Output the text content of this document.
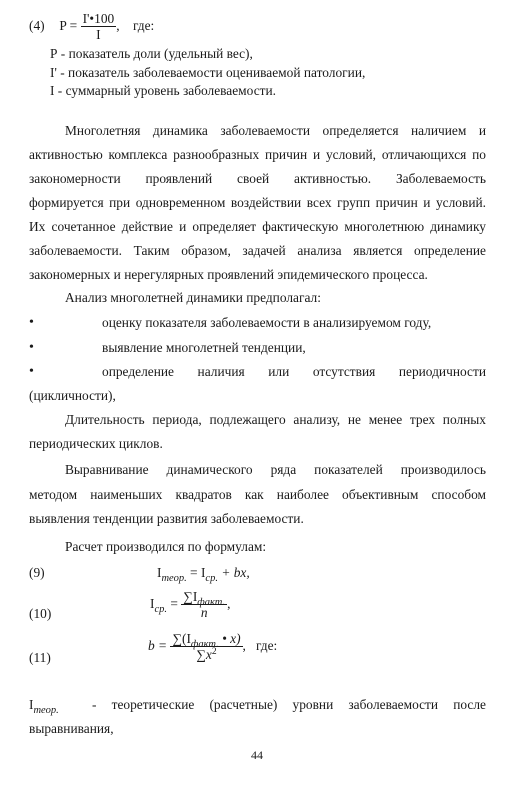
(4) $P = \frac{I'•100}{I}$ ,    где:
Р - показатель доли (удельный вес),
I' - показатель заболеваемости оцениваемой патологии,
I - суммарный уровень заболеваемости.
Многолетняя динамика заболеваемости определяется наличием и
активностью комплекса разнообразных причин и условий, отличающихся по
закономерности проявлений своей активностью. Заболеваемость
формируется при одновременном воздействии всех групп причин и условий.
Их сочетанное действие и определяет фактическую многолетнюю динамику
заболеваемости. Таким образом, задачей анализа является определение
закономерных и нерегулярных проявлений эпидемического процесса.
Анализ многолетней динамики предполагал:
•	оценку показателя заболеваемости в анализируемом году,
•	выявление многолетней тенденции,
•	определение наличия или отсутствия периодичности
(цикличности),
Длительность периода, подлежащего анализу, не менее трех полных
периодических циклов.
Выравнивание динамического ряда показателей производилось
методом наименьших квадратов как наиболее объективным способом
выявления тенденции развития заболеваемости.
Расчет производился по формулам:
(9)	$I_{теор.} = I_{ср.}$ + bx,
(10)
$I_{ср.} = \frac{\sum I_{факт.}}{n}$ ,
(11)
$b = \frac{\sum(I_{факт.} • x)}{\sum x^2}$ ,   где:
$I_{теор.}$ - теоретические (расчетные) уровни заболеваемости после
выравнивания,
44
